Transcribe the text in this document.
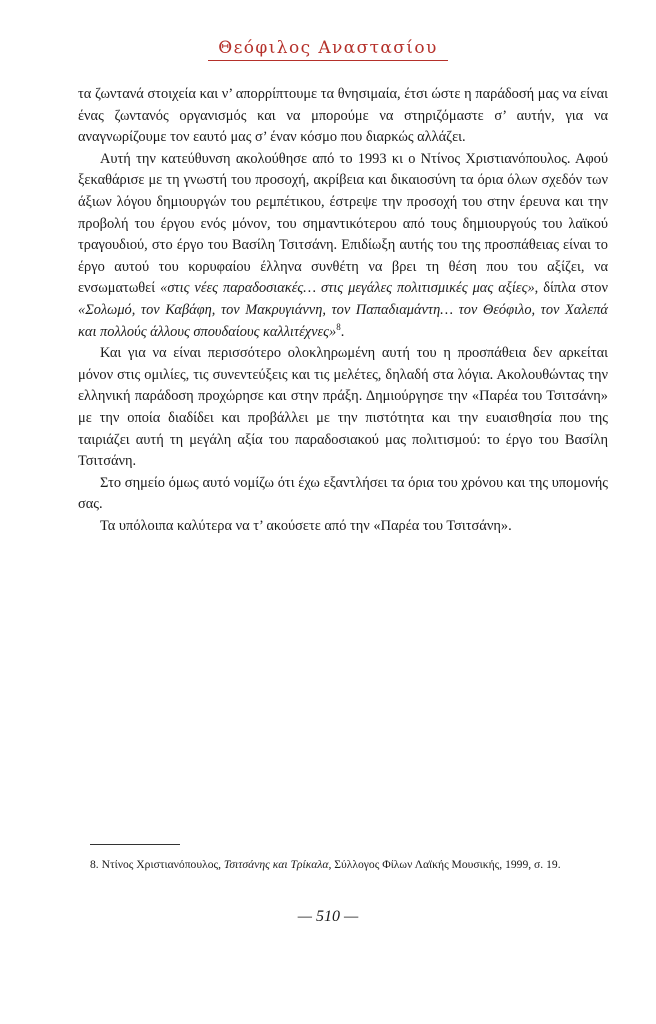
Θεόφιλος Αναστασίου

τα ζωντανά στοιχεία και ν’ απορρίπτουμε τα θνησιμαία, έτσι ώστε η παράδοσή μας να είναι ένας ζωντανός οργανισμός και να μπορούμε να στηριζόμαστε σ’ αυτήν, για να αναγνωρίζουμε τον εαυτό μας σ’ έναν κόσμο που διαρκώς αλλάζει.

Αυτή την κατεύθυνση ακολούθησε από το 1993 κι ο Ντίνος Χριστιανόπουλος. Αφού ξεκαθάρισε με τη γνωστή του προσοχή, ακρίβεια και δικαιοσύνη τα όρια όλων σχεδόν των άξιων λόγου δημιουργών του ρεμπέτικου, έστρεψε την προσοχή του στην έρευνα και την προβολή του έργου ενός μόνον, του σημαντικότερου από τους δημιουργούς του λαϊκού τραγουδιού, στο έργο του Βασίλη Τσιτσάνη. Επιδίωξη αυτής του της προσπάθειας είναι το έργο αυτού του κορυφαίου έλληνα συνθέτη να βρει τη θέση που του αξίζει, να ενσωματωθεί «στις νέες παραδοσιακές… στις μεγάλες πολιτισμικές μας αξίες», δίπλα στον «Σολωμό, τον Καβάφη, τον Μακρυγιάννη, τον Παπαδιαμάντη… τον Θεόφιλο, τον Χαλεπά και πολλούς άλλους σπουδαίους καλλιτέχνες»$^8$.

Και για να είναι περισσότερο ολοκληρωμένη αυτή του η προσπάθεια δεν αρκείται μόνον στις ομιλίες, τις συνεντεύξεις και τις μελέτες, δηλαδή στα λόγια. Ακολουθώντας την ελληνική παράδοση προχώρησε και στην πράξη. Δημιούργησε την «Παρέα του Τσιτσάνη» με την οποία διαδίδει και προβάλλει με την πιστότητα και την ευαισθησία που της ταιριάζει αυτή τη μεγάλη αξία του παραδοσιακού μας πολιτισμού: το έργο του Βασίλη Τσιτσάνη.

Στο σημείο όμως αυτό νομίζω ότι έχω εξαντλήσει τα όρια του χρόνου και της υπομονής σας.

Τα υπόλοιπα καλύτερα να τ’ ακούσετε από την «Παρέα του Τσιτσάνη».

8. Ντίνος Χριστιανόπουλος, Τσιτσάνης και Τρίκαλα, Σύλλογος Φίλων Λαϊκής Μουσικής, 1999, σ. 19.
— 510 —
